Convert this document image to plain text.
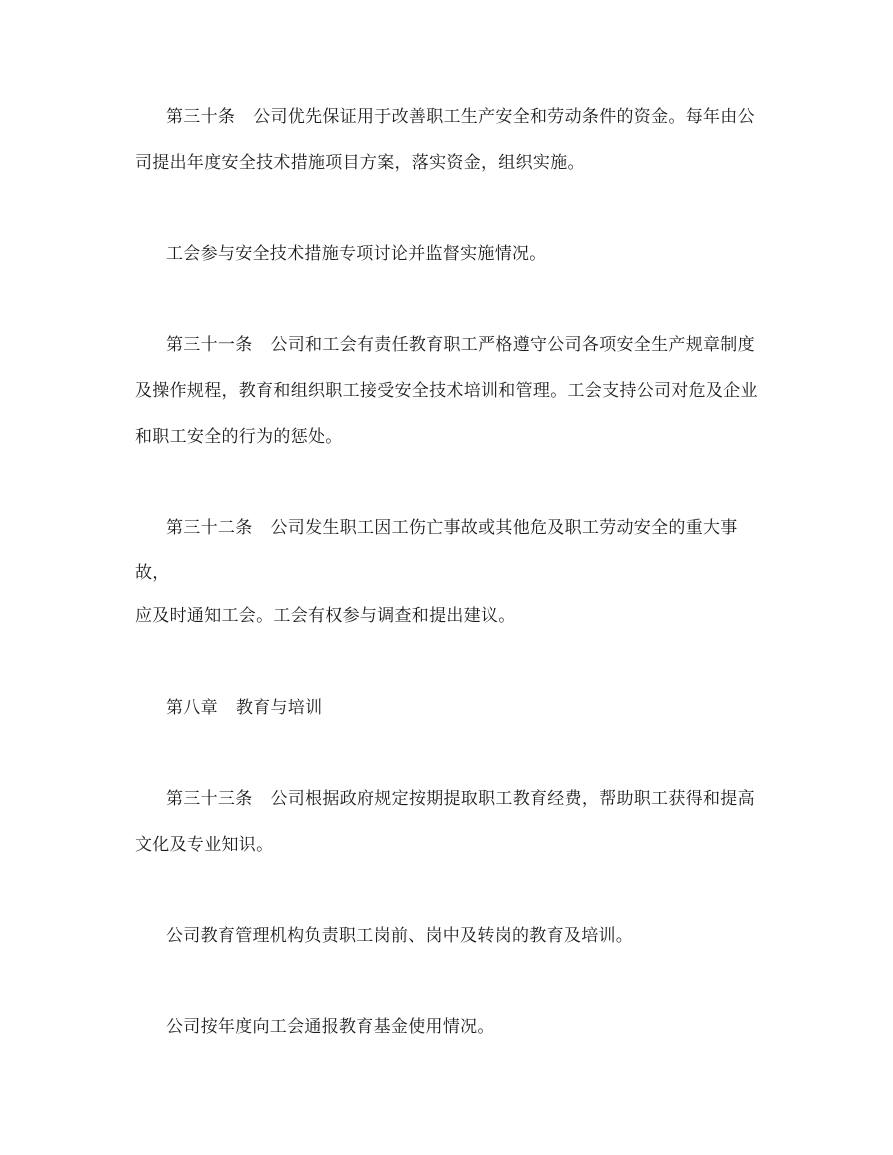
第三十条 公司优先保证用于改善职工生产安全和劳动条件的资金。每年由公
司提出年度安全技术措施项目方案，落实资金，组织实施。
工会参与安全技术措施专项讨论并监督实施情况。
第三十一条 公司和工会有责任教育职工严格遵守公司各项安全生产规章制度
及操作规程，教育和组织职工接受安全技术培训和管理。工会支持公司对危及企业
和职工安全的行为的惩处。
第三十二条 公司发生职工因工伤亡事故或其他危及职工劳动安全的重大事
故，
应及时通知工会。工会有权参与调查和提出建议。
第八章 教育与培训
第三十三条 公司根据政府规定按期提取职工教育经费，帮助职工获得和提高
文化及专业知识。
公司教育管理机构负责职工岗前、岗中及转岗的教育及培训。
公司按年度向工会通报教育基金使用情况。
